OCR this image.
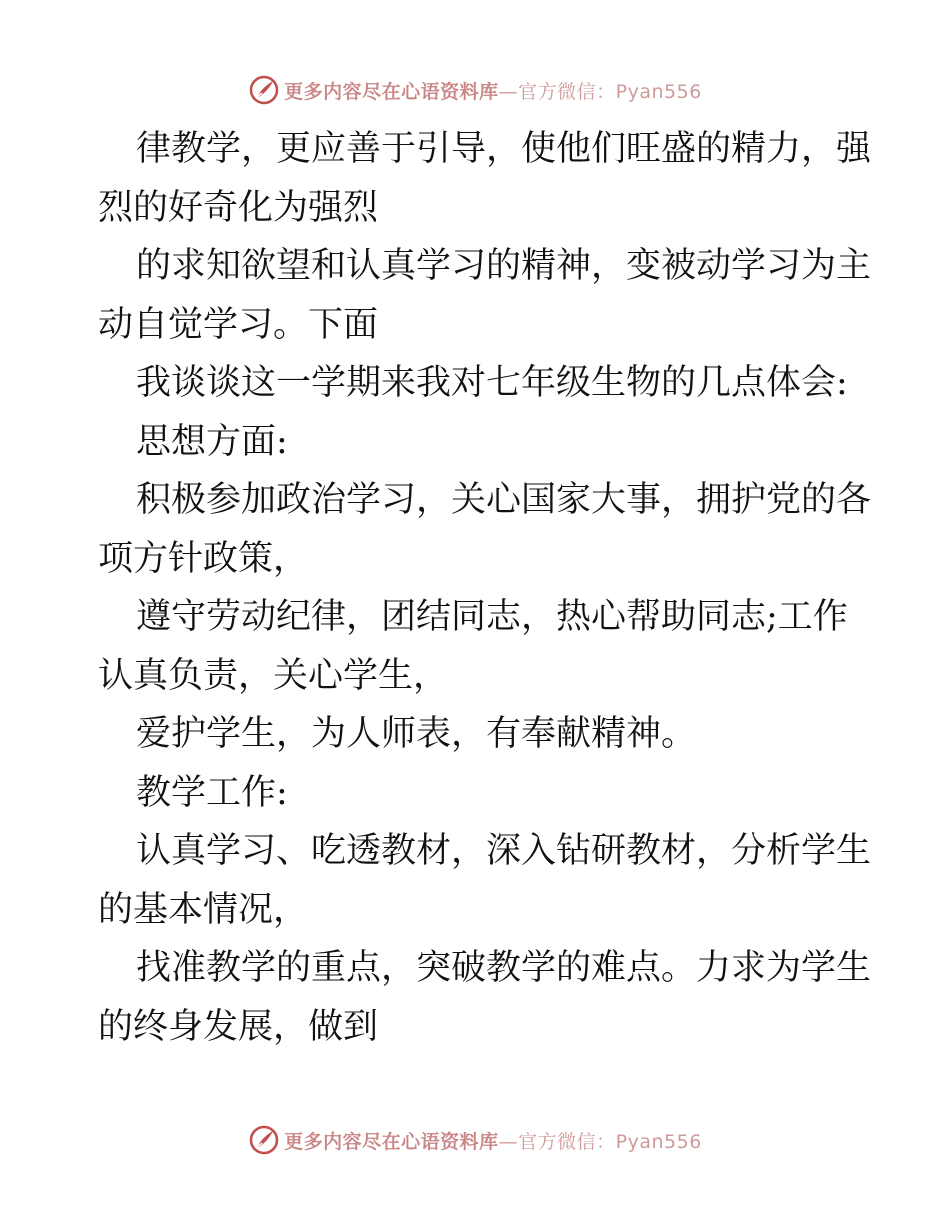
更多内容尽在心语资料库—官方微信：Pyan556

律教学，更应善于引导，使他们旺盛的精力，强
烈的好奇化为强烈

的求知欲望和认真学习的精神，变被动学习为主
动自觉学习。下面

我谈谈这一学期来我对七年级生物的几点体会:

思想方面:

积极参加政治学习，关心国家大事，拥护党的各
项方针政策，

遵守劳动纪律，团结同志，热心帮助同志;工作
认真负责，关心学生，

爱护学生，为人师表，有奉献精神。

教学工作:

认真学习、吃透教材，深入钻研教材，分析学生
的基本情况，

找准教学的重点，突破教学的难点。力求为学生
的终身发展，做到

更多内容尽在心语资料库—官方微信：Pyan556
